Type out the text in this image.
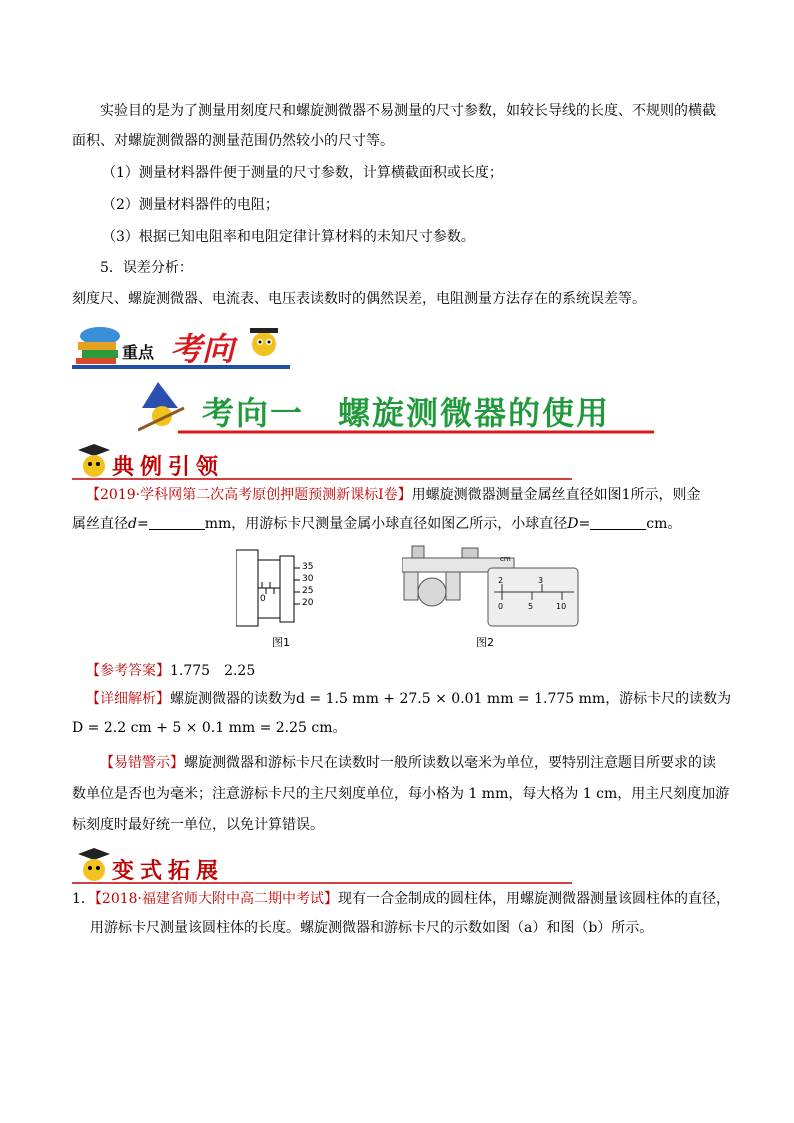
实验目的是为了测量用刻度尺和螺旋测微器不易测量的尺寸参数，如较长导线的长度、不规则的横截
面积、对螺旋测微器的测量范围仍然较小的尺寸等。
（1）测量材料器件便于测量的尺寸参数，计算横截面积或长度；
（2）测量材料器件的电阻；
（3）根据已知电阻率和电阻定律计算材料的未知尺寸参数。
5．误差分析：
刻度尺、螺旋测微器、电流表、电压表读数时的偶然误差，电阻测量方法存在的系统误差等。
重点 考向
考向一　螺旋测微器的使用
典例引领
【2019·学科网第二次高考原创押题预测新课标Ⅰ卷】用螺旋测微器测量金属丝直径如图1所示，则金
属丝直径d=	mm，用游标卡尺测量金属小球直径如图乙所示，小球直径D=	cm。
35
30
25
20
0
图1
cm
2	3
0	5	10
图2
【参考答案】1.775　2.25
【详细解析】螺旋测微器的读数为d = 1.5 mm + 27.5 × 0.01 mm = 1.775 mm，游标卡尺的读数为
D = 2.2 cm + 5 × 0.1 mm = 2.25 cm。
【易错警示】螺旋测微器和游标卡尺在读数时一般所读数以毫米为单位，要特别注意题目所要求的读
数单位是否也为毫米；注意游标卡尺的主尺刻度单位，每小格为 1 mm，每大格为 1 cm，用主尺刻度加游
标刻度时最好统一单位，以免计算错误。
变式拓展
1．【2018·福建省师大附中高二期中考试】现有一合金制成的圆柱体，用螺旋测微器测量该圆柱体的直径，
用游标卡尺测量该圆柱体的长度。螺旋测微器和游标卡尺的示数如图（a）和图（b）所示。
